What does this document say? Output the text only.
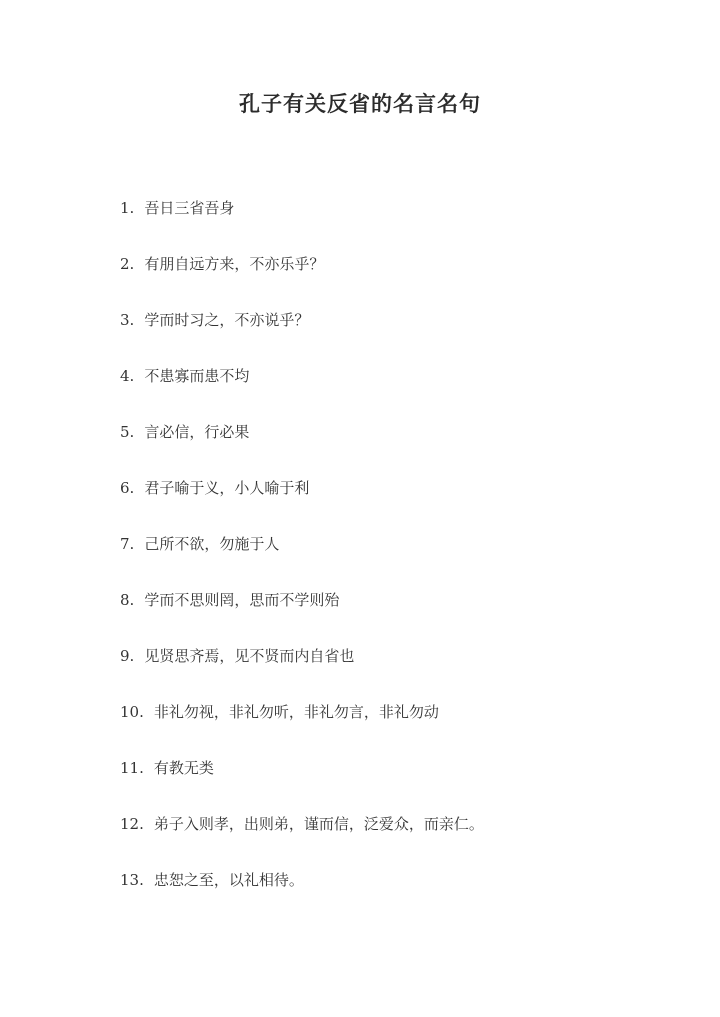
孔子有关反省的名言名句
1. 吾日三省吾身
2. 有朋自远方来，不亦乐乎？
3. 学而时习之，不亦说乎？
4. 不患寡而患不均
5. 言必信，行必果
6. 君子喻于义，小人喻于利
7. 己所不欲，勿施于人
8. 学而不思则罔，思而不学则殆
9. 见贤思齐焉，见不贤而内自省也
10. 非礼勿视，非礼勿听，非礼勿言，非礼勿动
11. 有教无类
12. 弟子入则孝，出则弟，谨而信，泛爱众，而亲仁。
13. 忠恕之至，以礼相待。
